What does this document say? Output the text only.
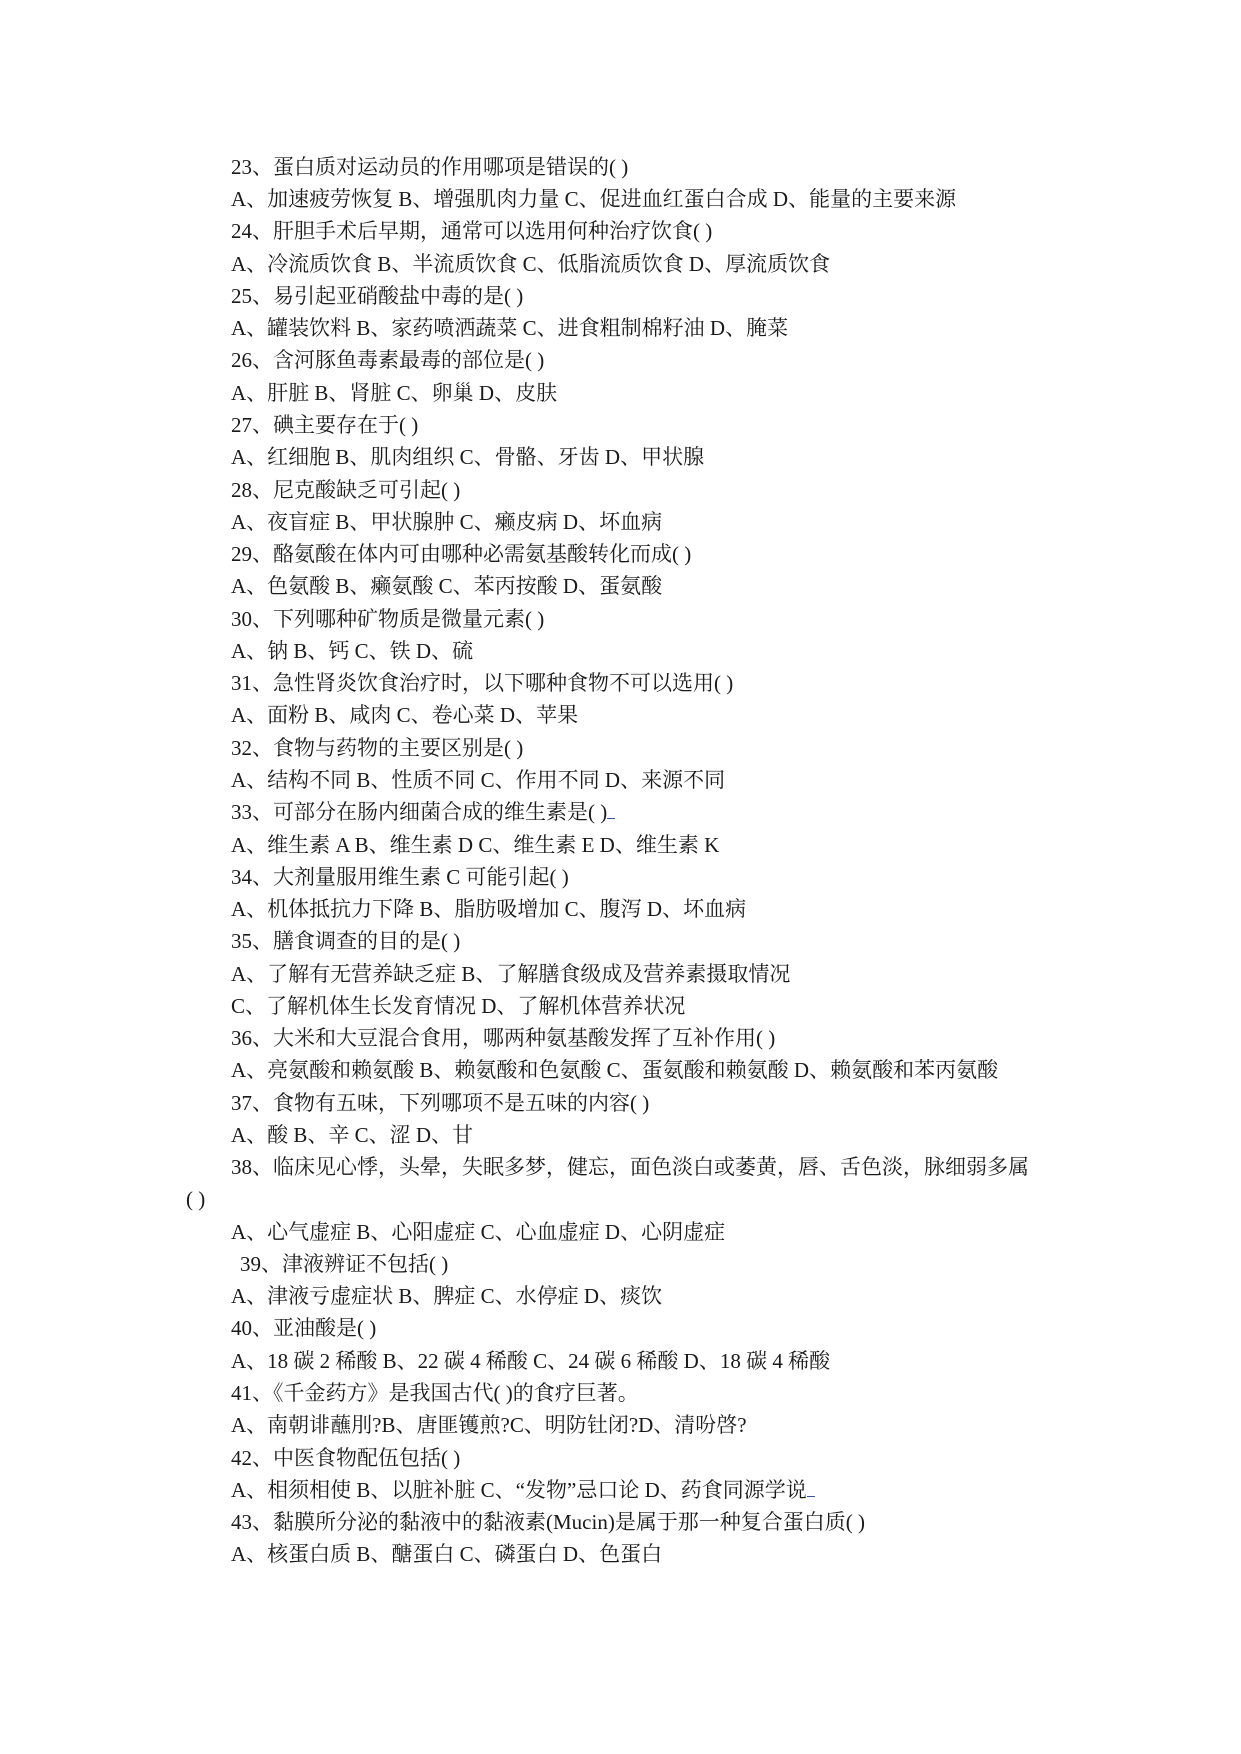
23、蛋白质对运动员的作用哪项是错误的( )
A、加速疲劳恢复 B、增强肌肉力量 C、促进血红蛋白合成 D、能量的主要来源
24、肝胆手术后早期，通常可以选用何种治疗饮食( )
A、冷流质饮食 B、半流质饮食 C、低脂流质饮食 D、厚流质饮食
25、易引起亚硝酸盐中毒的是( )
A、罐装饮料 B、家药喷洒蔬菜 C、进食粗制棉籽油 D、腌菜
26、含河豚鱼毒素最毒的部位是( )
A、肝脏 B、肾脏 C、卵巢 D、皮肤
27、碘主要存在于( )
A、红细胞 B、肌肉组织 C、骨骼、牙齿 D、甲状腺
28、尼克酸缺乏可引起( )
A、夜盲症 B、甲状腺肿 C、癞皮病 D、坏血病
29、酪氨酸在体内可由哪种必需氨基酸转化而成( )
A、色氨酸 B、癞氨酸 C、苯丙按酸 D、蛋氨酸
30、下列哪种矿物质是微量元素( )
A、钠 B、钙 C、铁 D、硫
31、急性肾炎饮食治疗时，以下哪种食物不可以选用( )
A、面粉 B、咸肉 C、卷心菜 D、苹果
32、食物与药物的主要区别是( )
A、结构不同 B、性质不同 C、作用不同 D、来源不同
33、可部分在肠内细菌合成的维生素是( )
A、维生素 A B、维生素 D C、维生素 E D、维生素 K
34、大剂量服用维生素 C 可能引起( )
A、机体抵抗力下降 B、脂肪吸增加 C、腹泻 D、坏血病
35、膳食调查的目的是( )
A、了解有无营养缺乏症 B、了解膳食级成及营养素摄取情况
C、了解机体生长发育情况 D、了解机体营养状况
36、大米和大豆混合食用，哪两种氨基酸发挥了互补作用( )
A、亮氨酸和赖氨酸 B、赖氨酸和色氨酸 C、蛋氨酸和赖氨酸 D、赖氨酸和苯丙氨酸
37、食物有五味，下列哪项不是五味的内容( )
A、酸 B、辛 C、涩 D、甘
38、临床见心悸，头晕，失眠多梦，健忘，面色淡白或萎黄，唇、舌色淡，脉细弱多属
( )
A、心气虚症 B、心阳虚症 C、心血虚症 D、心阴虚症
39、津液辨证不包括( )
A、津液亏虚症状 B、脾症 C、水停症 D、痰饮
40、亚油酸是( )
A、18 碳 2 稀酸 B、22 碳 4 稀酸 C、24 碳 6 稀酸 D、18 碳 4 稀酸
41、《千金药方》是我国古代( )的食疗巨著。
A、南朝诽蘸刖?B、唐匪镬煎?C、明防钍闭?D、清吩啓?
42、中医食物配伍包括( )
A、相须相使 B、以脏补脏 C、“发物”忌口论 D、药食同源学说
43、黏膜所分泌的黏液中的黏液素(Mucin)是属于那一种复合蛋白质( )
A、核蛋白质 B、醣蛋白 C、磷蛋白 D、色蛋白
